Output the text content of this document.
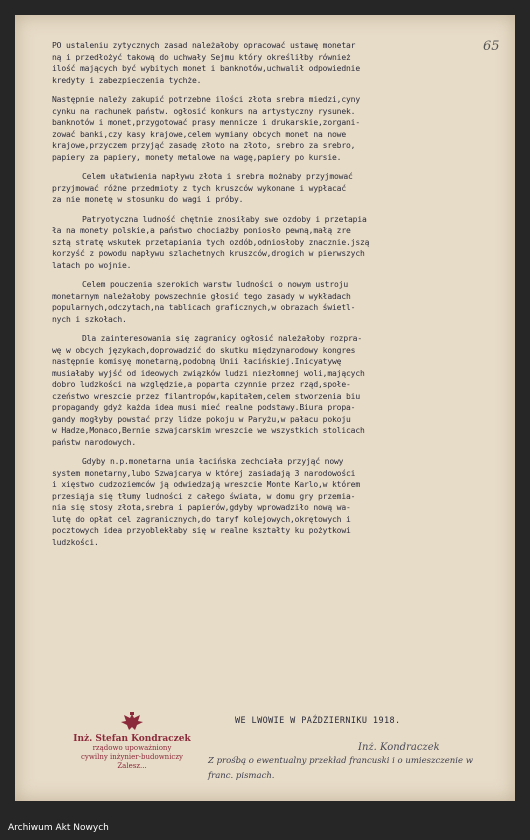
65

PO ustaleniu zytycznych zasad należałoby opracować ustawę monetar
ną i przedłożyć takową do uchwały Sejmu który określiłby również
ilość mających być wybitych monet i banknotów,uchwalił odpowiednie
kredyty i zabezpieczenia tychże.

Następnie należy zakupić potrzebne ilości złota srebra miedzi,cyny
cynku na rachunek państw. ogłosić konkurs na artystyczny rysunek.
banknotów i monet,przygotować prasy mennicze i drukarskie,zorgani-
zować banki,czy kasy krajowe,celem wymiany obcych monet na nowe
krajowe,przyczem przyjąć zasadę złoto na złoto, srebro za srebro,
papiery za papiery, monety metalowe na wagę,papiery po kursie.

Celem ułatwienia napływu złota i srebra możnaby przyjmować
przyjmować różne przedmioty z tych kruszców wykonane i wypłacać
za nie monetę w stosunku do wagi i próby.

Patryotyczna ludność chętnie znosiłaby swe ozdoby i przetapia
ła na monety polskie,a państwo chociażby poniosło pewną,małą zre
sztą stratę wskutek przetapiania tych ozdób,odniosłoby znacznie.jszą
korzyść z powodu napływu szlachetnych kruszców,drogich w pierwszych
latach po wojnie.

Celem pouczenia szerokich warstw ludności o nowym ustroju
monetarnym należałoby powszechnie głosić tego zasady w wykładach
popularnych,odczytach,na tablicach graficznych,w obrazach świetl-
nych i szkołach.

Dla zainteresowania się zagranicy ogłosić należałoby rozpra-
wę w obcych językach,doprowadzić do skutku międzynarodowy kongres
następnie komisyę monetarną,podobną Unii łacińskiej.Inicyatywę
musiałaby wyjść od ideowych związków ludzi niezłomnej woli,mających
dobro ludzkości na względzie,a poparta czynnie przez rząd,społe-
czeństwo wreszcie przez filantropów,kapitałem,celem stworzenia biu
propagandy gdyż każda idea musi mieć realne podstawy.Biura propa-
gandy mogłyby powstać przy lidze pokoju w Paryżu,w pałacu pokoju
w Hadze,Monaco,Bernie szwajcarskim wreszcie we wszystkich stolicach
państw narodowych.

Gdyby n.p.monetarna unia łacińska zechciała przyjąć nowy
system monetarny,lubo Szwajcarya w której zasiadają 3 narodowości
i xięstwo cudzoziemców ją odwiedzają wreszcie Monte Karlo,w którem
przesiąja się tłumy ludności z całego świata, w domu gry przemia-
nia się stosy złota,srebra i papierów,gdyby wprowadziło nową wa-
lutę do opłat cel zagranicznych,do taryf kolejowych,okrętowych i
pocztowych idea przyoblekłaby się w realne kształty ku pożytkowi
ludzkości.

Inż. Stefan Kondraczek
rządowo upoważniony
cywilny inżynier-budowniczy
Zalesz...
WE LWOWIE W PAŹDZIERNIKU 1918.
Inż. Kondraczek
Z prośbą o ewentualny przekład francuski i o umieszczenie w franc. pismach.
Archiwum Akt Nowych
